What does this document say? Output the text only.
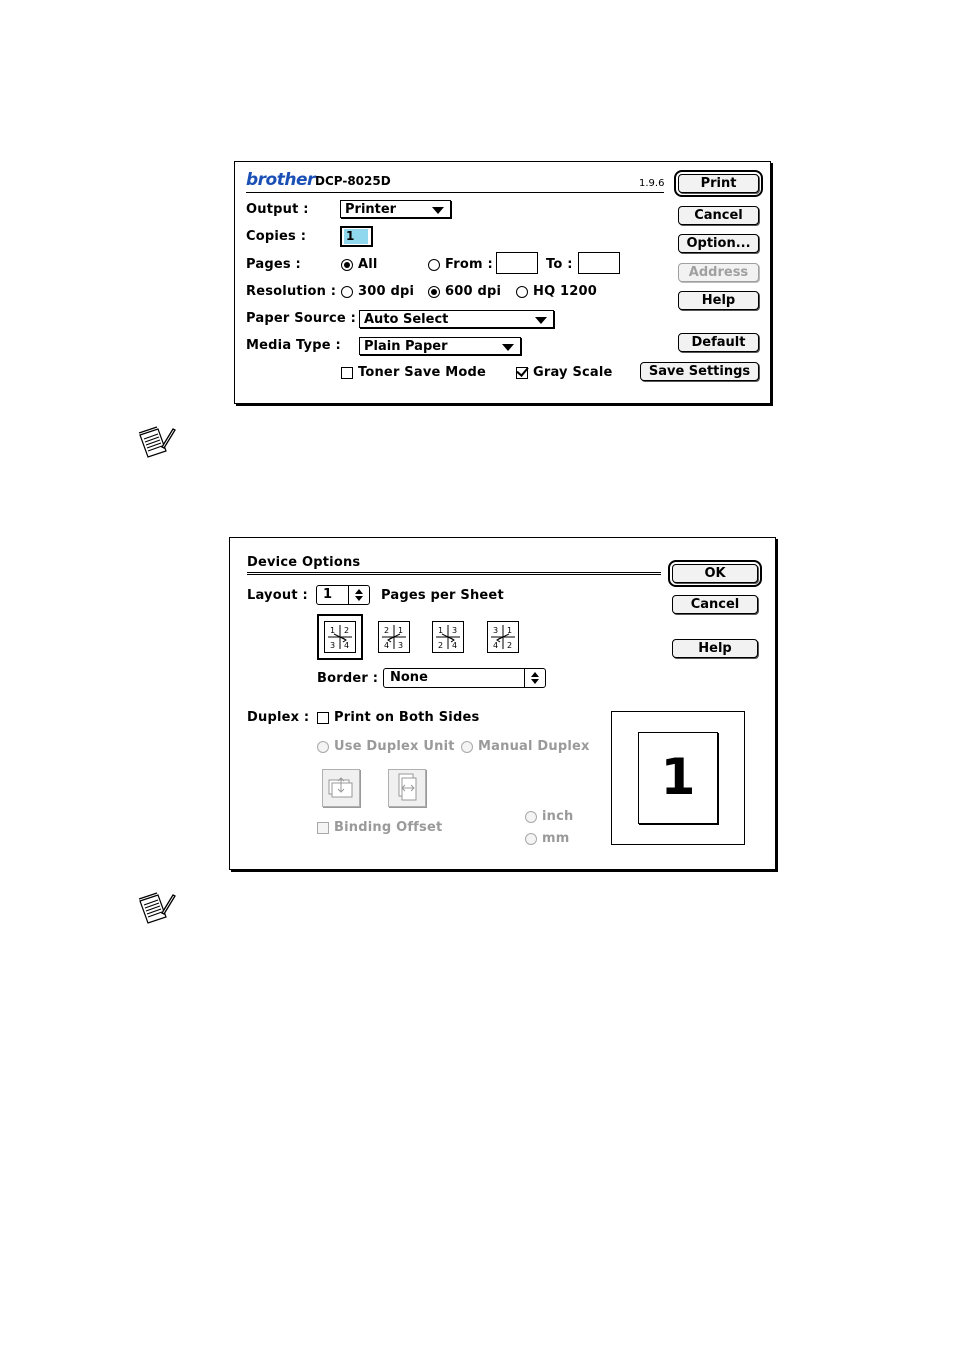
brother DCP-8025D	1.9.6
Output :	Printer
Copies :	1
Pages :	All	From :	To :
Resolution : 300 dpi 600 dpi HQ 1200
Paper Source : Auto Select
Media Type :	Plain Paper
Toner Save Mode	Gray Scale
Print
Cancel
Option...
Address
Help
Default
Save Settings
Device Options
Layout :	1	Pages per Sheet
1 2
3 4
2 1
4 3
1 3
2 4
3 1
4 2
Border : None
Duplex : Print on Both Sides
Use Duplex Unit Manual Duplex
Binding Offset
inch
mm
1
OK
Cancel
Help
